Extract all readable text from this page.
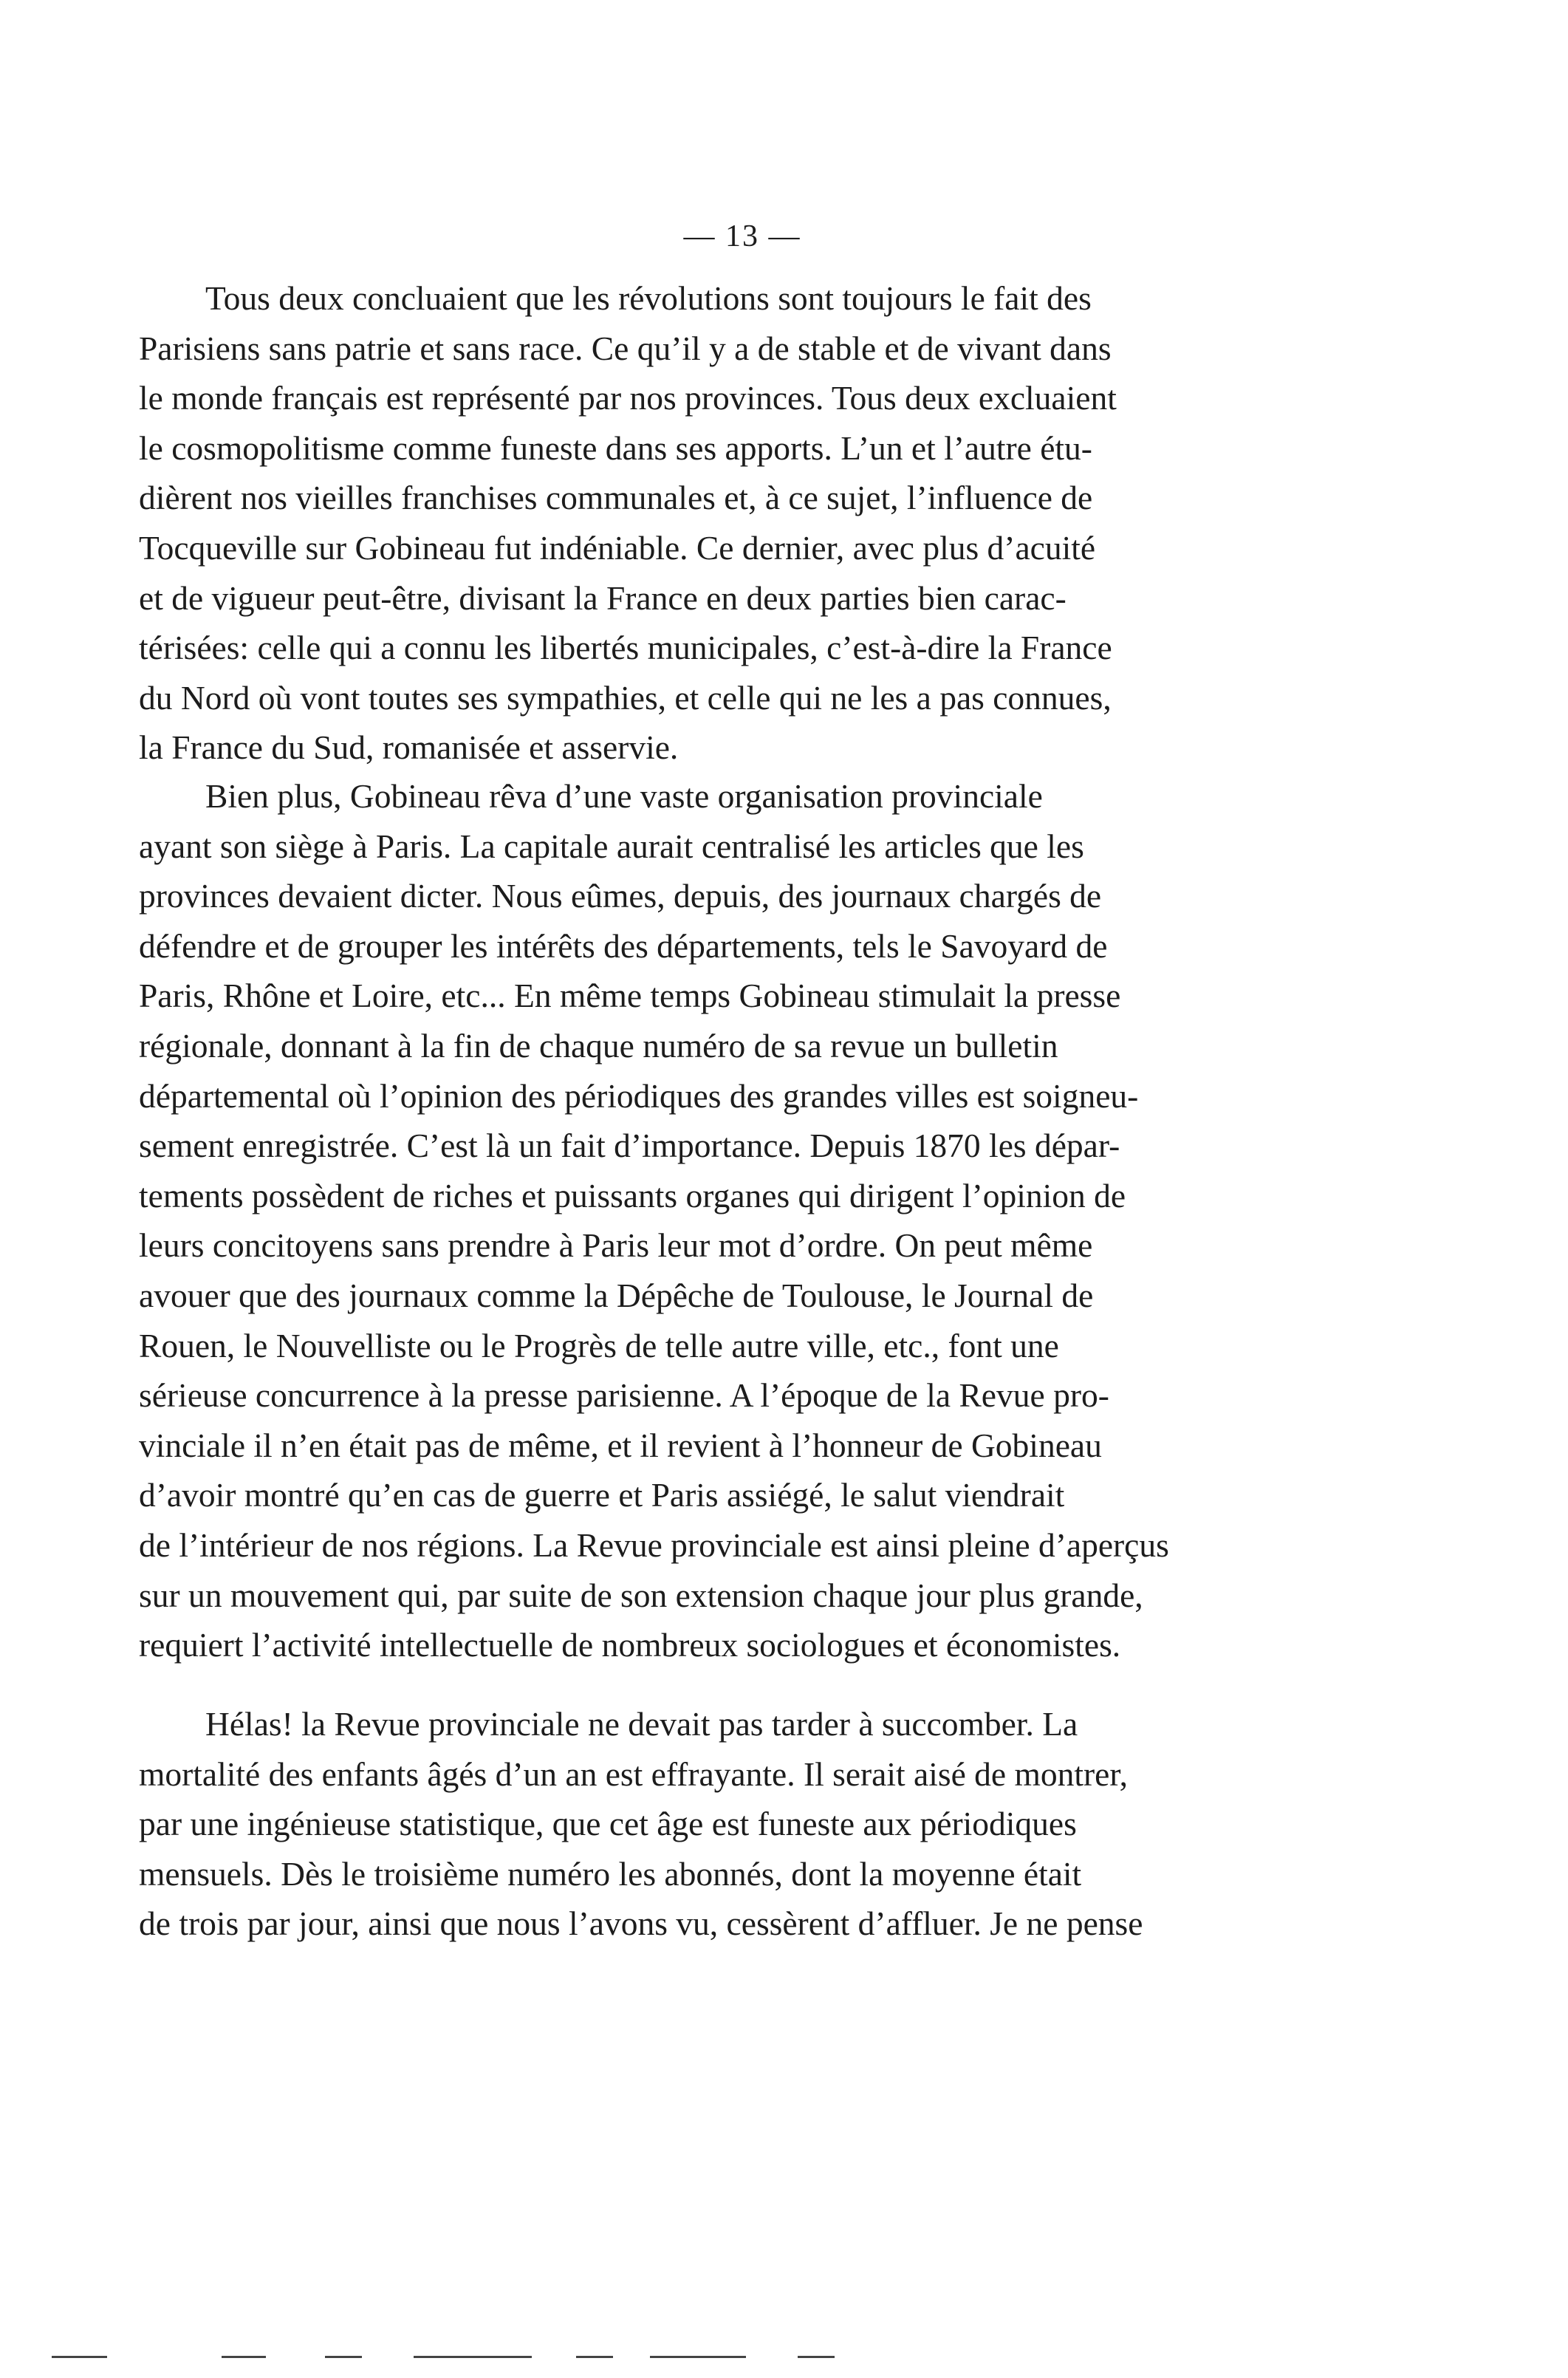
— 13 —
Tous deux concluaient que les révolutions sont toujours le fait des
Parisiens sans patrie et sans race. Ce qu’il y a de stable et de vivant dans
le monde français est représenté par nos provinces. Tous deux excluaient
le cosmopolitisme comme funeste dans ses apports. L’un et l’autre étu-
dièrent nos vieilles franchises communales et, à ce sujet, l’influence de
Tocqueville sur Gobineau fut indéniable. Ce dernier, avec plus d’acuité
et de vigueur peut-être, divisant la France en deux parties bien carac-
térisées: celle qui a connu les libertés municipales, c’est-à-dire la France
du Nord où vont toutes ses sympathies, et celle qui ne les a pas connues,
la France du Sud, romanisée et asservie.
Bien plus, Gobineau rêva d’une vaste organisation provinciale
ayant son siège à Paris. La capitale aurait centralisé les articles que les
provinces devaient dicter. Nous eûmes, depuis, des journaux chargés de
défendre et de grouper les intérêts des départements, tels le Savoyard de
Paris, Rhône et Loire, etc... En même temps Gobineau stimulait la presse
régionale, donnant à la fin de chaque numéro de sa revue un bulletin
départemental où l’opinion des périodiques des grandes villes est soigneu-
sement enregistrée. C’est là un fait d’importance. Depuis 1870 les dépar-
tements possèdent de riches et puissants organes qui dirigent l’opinion de
leurs concitoyens sans prendre à Paris leur mot d’ordre. On peut même
avouer que des journaux comme la Dépêche de Toulouse, le Journal de
Rouen, le Nouvelliste ou le Progrès de telle autre ville, etc., font une
sérieuse concurrence à la presse parisienne. A l’époque de la Revue pro-
vinciale il n’en était pas de même, et il revient à l’honneur de Gobineau
d’avoir montré qu’en cas de guerre et Paris assiégé, le salut viendrait
de l’intérieur de nos régions. La Revue provinciale est ainsi pleine d’aperçus
sur un mouvement qui, par suite de son extension chaque jour plus grande,
requiert l’activité intellectuelle de nombreux sociologues et économistes.
Hélas! la Revue provinciale ne devait pas tarder à succomber. La
mortalité des enfants âgés d’un an est effrayante. Il serait aisé de montrer,
par une ingénieuse statistique, que cet âge est funeste aux périodiques
mensuels. Dès le troisième numéro les abonnés, dont la moyenne était
de trois par jour, ainsi que nous l’avons vu, cessèrent d’affluer. Je ne pense
